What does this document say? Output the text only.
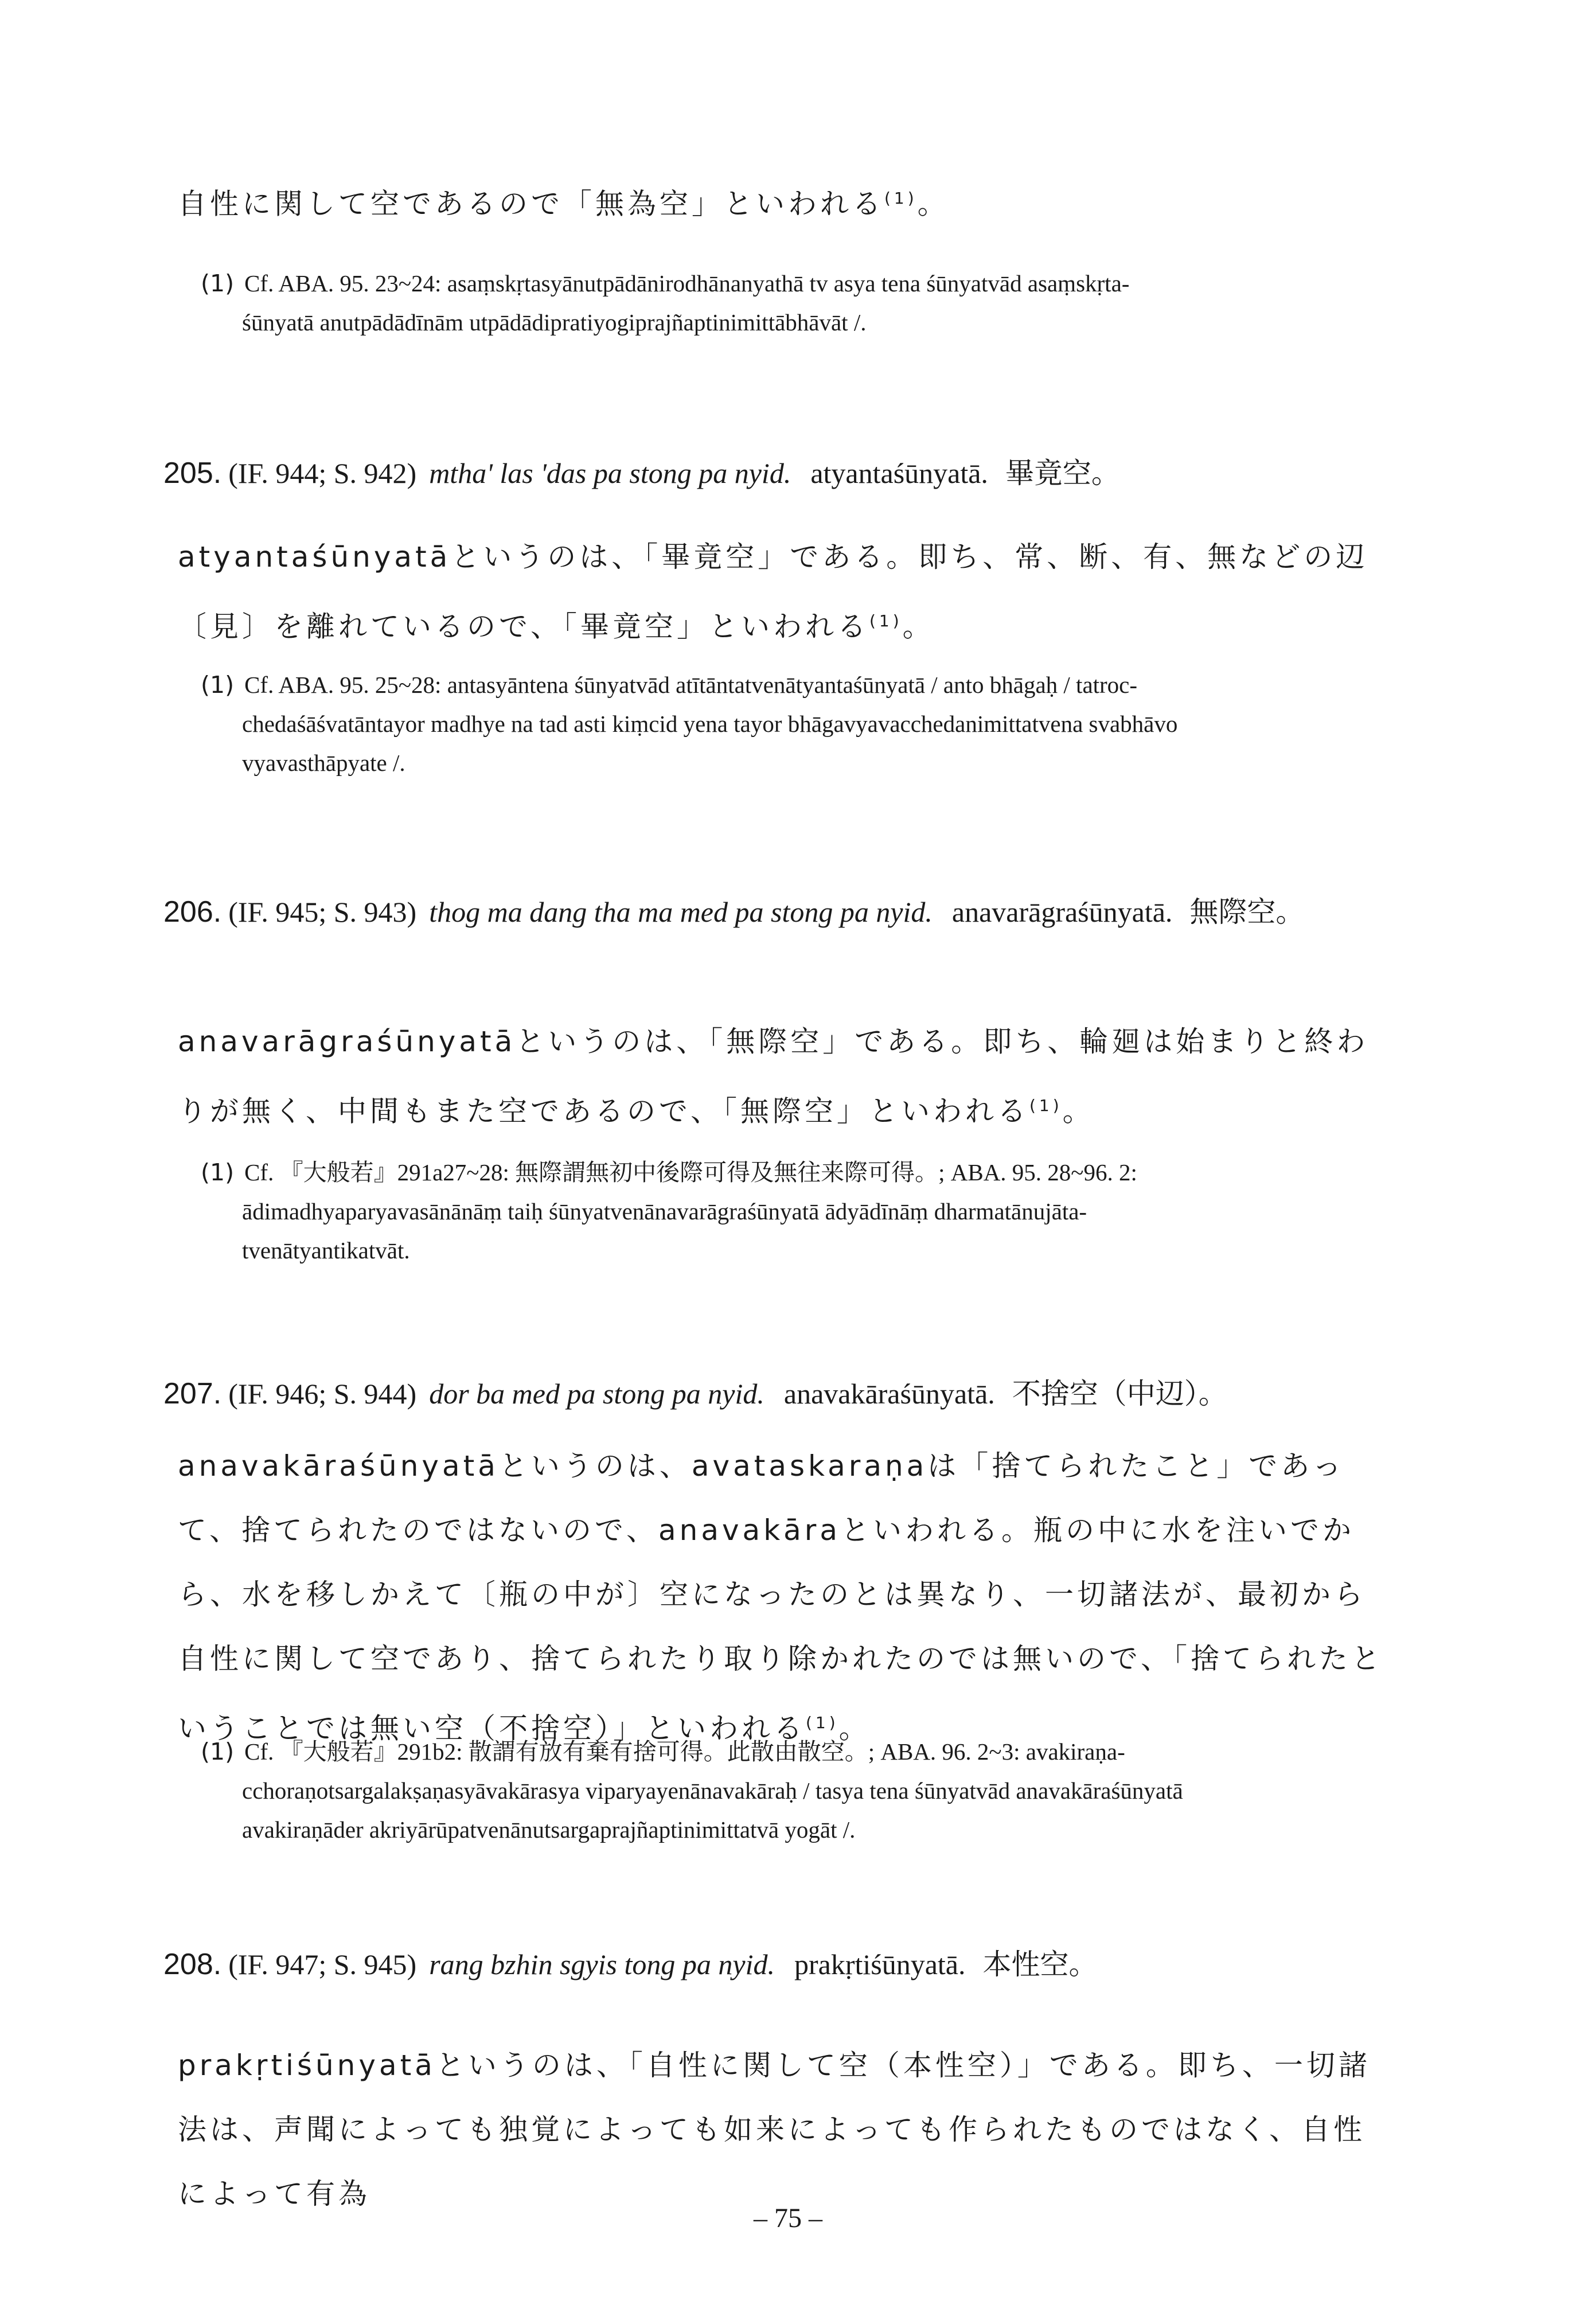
自性に関して空であるので「無為空」といわれる$^{(1)}$。
(1) Cf. ABA. 95. 23~24: asaṃskṛtasyānutpādānirodhānanyathā tv asya tena śūnyatvād asaṃskṛta-
śūnyatā anutpādādīnām utpādādipratiyogiprajñaptinimittābhāvāt /.
205. (IF. 944; S. 942) mtha' las 'das pa stong pa nyid. atyantaśūnyatā. 畢竟空。
atyantaśūnyatāというのは、「畢竟空」である。即ち、常、断、有、無などの辺〔見〕を離れているので、「畢竟空」といわれる$^{(1)}$。
(1) Cf. ABA. 95. 25~28: antasyāntena śūnyatvād atītāntatvenātyantaśūnyatā / anto bhāgaḥ / tatroc-
chedaśāśvatāntayor madhye na tad asti kiṃcid yena tayor bhāgavyavacchedanimittatvena svabhāvo
vyavasthāpyate /.
206. (IF. 945; S. 943) thog ma dang tha ma med pa stong pa nyid. anavarāgraśūnyatā. 無際空。
anavarāgraśūnyatāというのは、「無際空」である。即ち、輪廻は始まりと終わりが無く、中間もまた空であるので、「無際空」といわれる$^{(1)}$。
(1) Cf. 『大般若』291a27~28: 無際謂無初中後際可得及無往来際可得。; ABA. 95. 28~96. 2:
ādimadhyaparyavasānānāṃ taiḥ śūnyatvenānavarāgraśūnyatā ādyādīnāṃ dharmatānujāta-
tvenātyantikatvāt.
207. (IF. 946; S. 944) dor ba med pa stong pa nyid. anavakāraśūnyatā. 不捨空（中辺）。
anavakāraśūnyatāというのは、avataskaraṇaは「捨てられたこと」であって、捨てられたのではないので、anavakāraといわれる。瓶の中に水を注いでから、水を移しかえて〔瓶の中が〕空になったのとは異なり、一切諸法が、最初から自性に関して空であり、捨てられたり取り除かれたのでは無いので、「捨てられたということでは無い空（不捨空）」といわれる$^{(1)}$。
(1) Cf. 『大般若』291b2: 散謂有放有棄有捨可得。此散由散空。; ABA. 96. 2~3: avakiraṇa-
cchoraṇotsargalakṣaṇasyāvakārasya viparyayenānavakāraḥ / tasya tena śūnyatvād anavakāraśūnyatā
avakiraṇāder akriyārūpatvenānutsargaprajñaptinimittatvā yogāt /.
208. (IF. 947; S. 945) rang bzhin sgyis tong pa nyid. prakṛtiśūnyatā. 本性空。
prakṛtiśūnyatāというのは、「自性に関して空（本性空）」である。即ち、一切諸法は、声聞によっても独覚によっても如来によっても作られたものではなく、自性によって有為
– 75 –
